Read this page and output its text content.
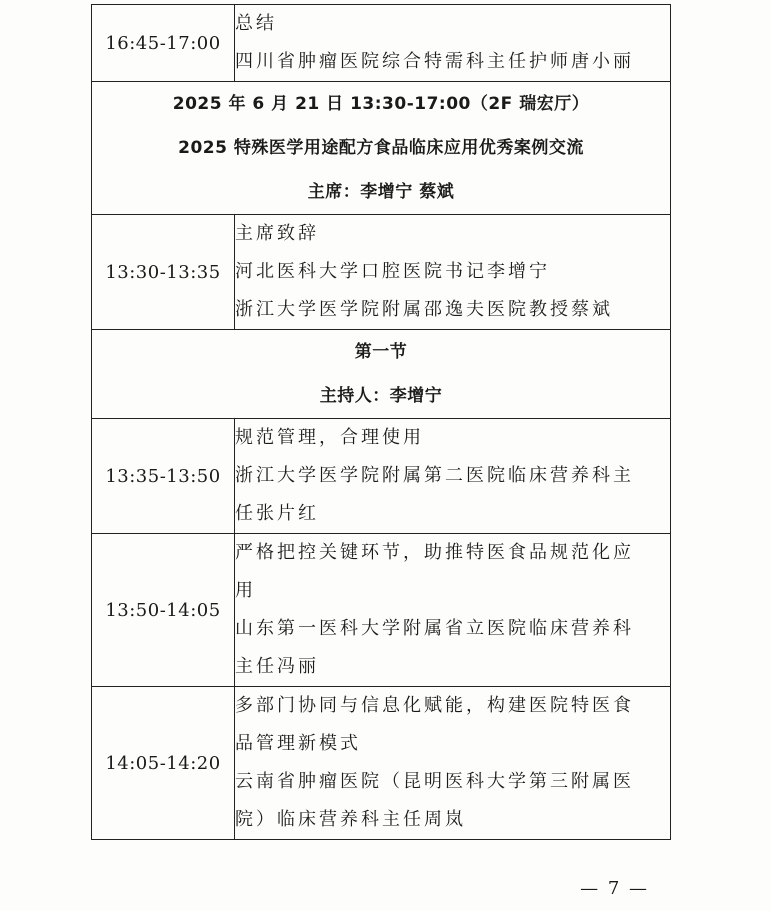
16:45-17:00	总结
四川省肿瘤医院综合特需科主任护师唐小丽

2025 年 6 月 21 日 13:30-17:00（2F 瑞宏厅）
2025 特殊医学用途配方食品临床应用优秀案例交流
主席：李增宁 蔡斌	

13:30-13:35	主席致辞
河北医科大学口腔医院书记李增宁
浙江大学医学院附属邵逸夫医院教授蔡斌

第一节
主持人：李增宁	

13:35-13:50	规范管理，合理使用
浙江大学医学院附属第二医院临床营养科主
任张片红

13:50-14:05	严格把控关键环节，助推特医食品规范化应
用
山东第一医科大学附属省立医院临床营养科
主任冯丽

14:05-14:20	多部门协同与信息化赋能，构建医院特医食
品管理新模式
云南省肿瘤医院（昆明医科大学第三附属医
院）临床营养科主任周岚
— 7 —
